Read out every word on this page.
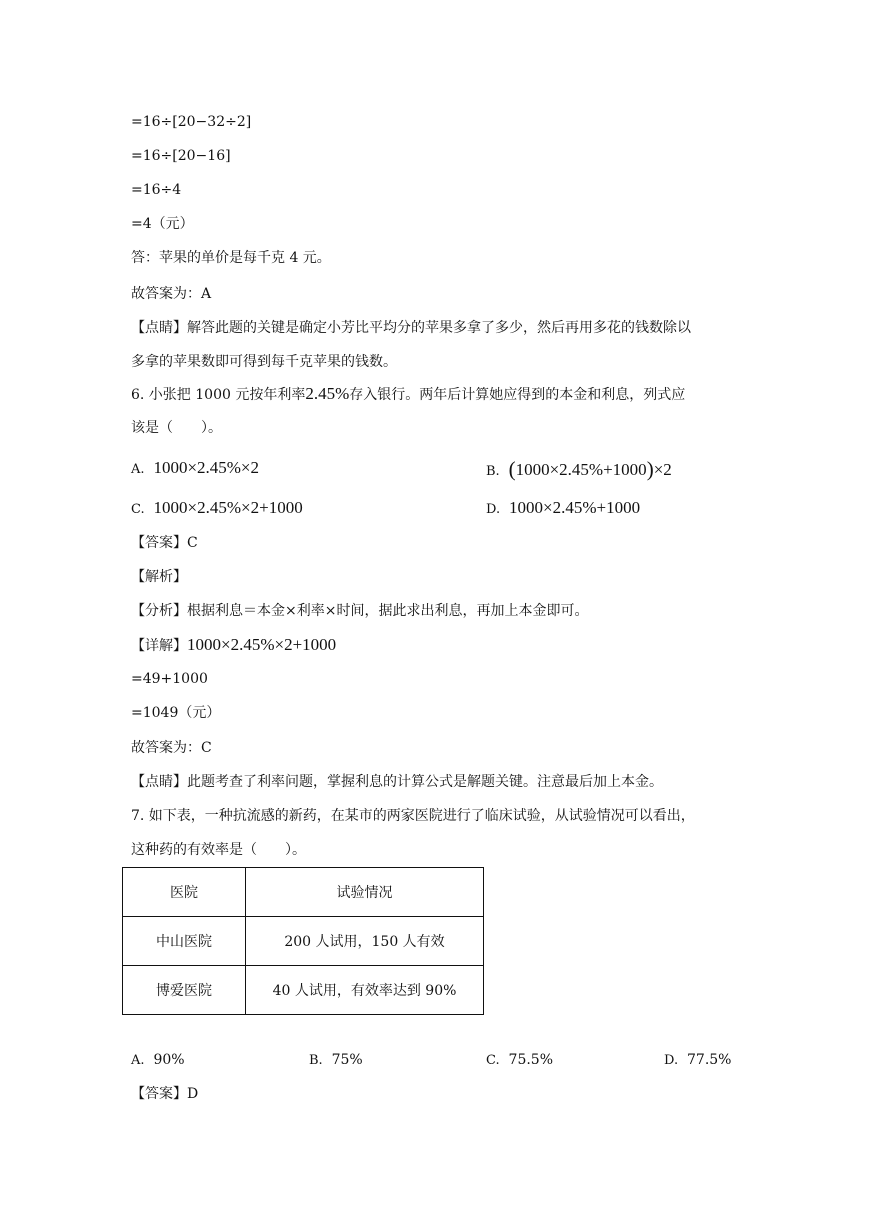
=16÷[20−32÷2]
=16÷[20−16]
=16÷4
=4（元）
答：苹果的单价是每千克 4 元。
故答案为：A
【点睛】解答此题的关键是确定小芳比平均分的苹果多拿了多少，然后再用多花的钱数除以
多拿的苹果数即可得到每千克苹果的钱数。
6. 小张把 1000 元按年利率2.45%存入银行。两年后计算她应得到的本金和利息，列式应
该是（　　）。
A. 1000×2.45%×2	B. (1000×2.45%+1000)×2
C. 1000×2.45%×2+1000	D. 1000×2.45%+1000
【答案】C
【解析】
【分析】根据利息＝本金×利率×时间，据此求出利息，再加上本金即可。
【详解】1000×2.45%×2+1000
=49+1000
=1049（元）
故答案为：C
【点睛】此题考查了利率问题，掌握利息的计算公式是解题关键。注意最后加上本金。
7. 如下表，一种抗流感的新药，在某市的两家医院进行了临床试验，从试验情况可以看出，
这种药的有效率是（　　）。
医院	试验情况
中山医院	200 人试用，150 人有效
博爱医院	40 人试用，有效率达到 90%
A. 90%	B. 75%	C. 75.5%	D. 77.5%
【答案】D
